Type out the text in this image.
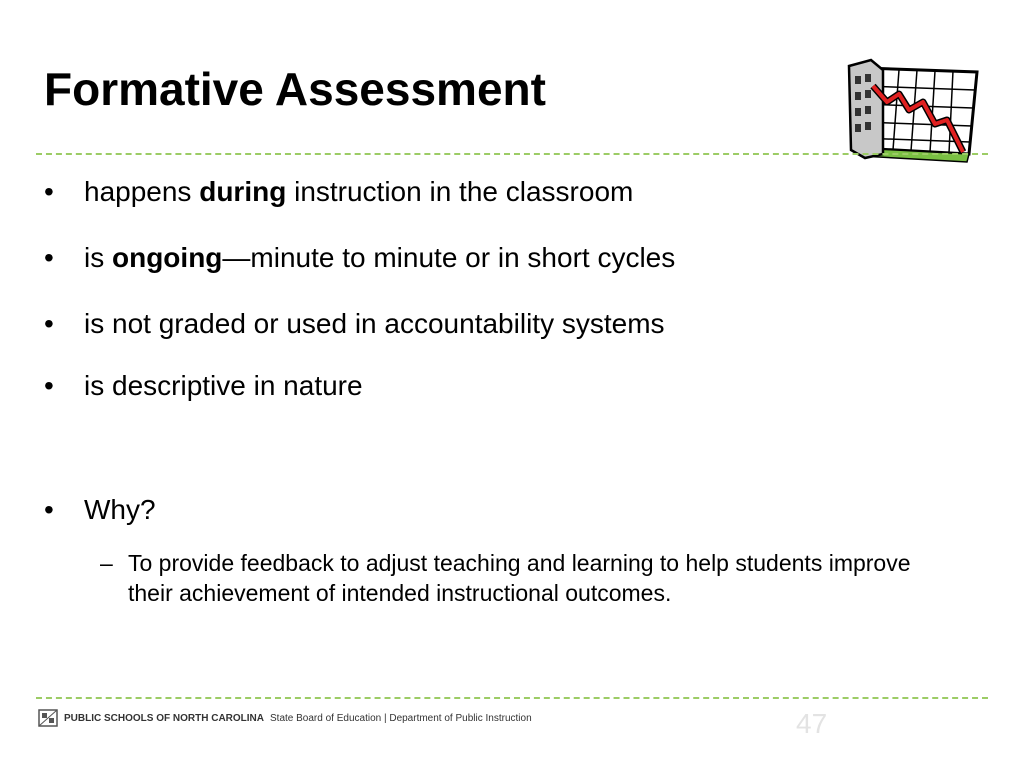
Formative Assessment
•	happens during instruction in the classroom
•	is ongoing—minute to minute or in short cycles
•	is not graded or used in accountability systems
•	is descriptive in nature
•	Why?
– To provide feedback to adjust teaching and learning to help students improve their achievement of intended instructional outcomes.
PUBLIC SCHOOLS OF NORTH CAROLINA State Board of Education | Department of Public Instruction	47
